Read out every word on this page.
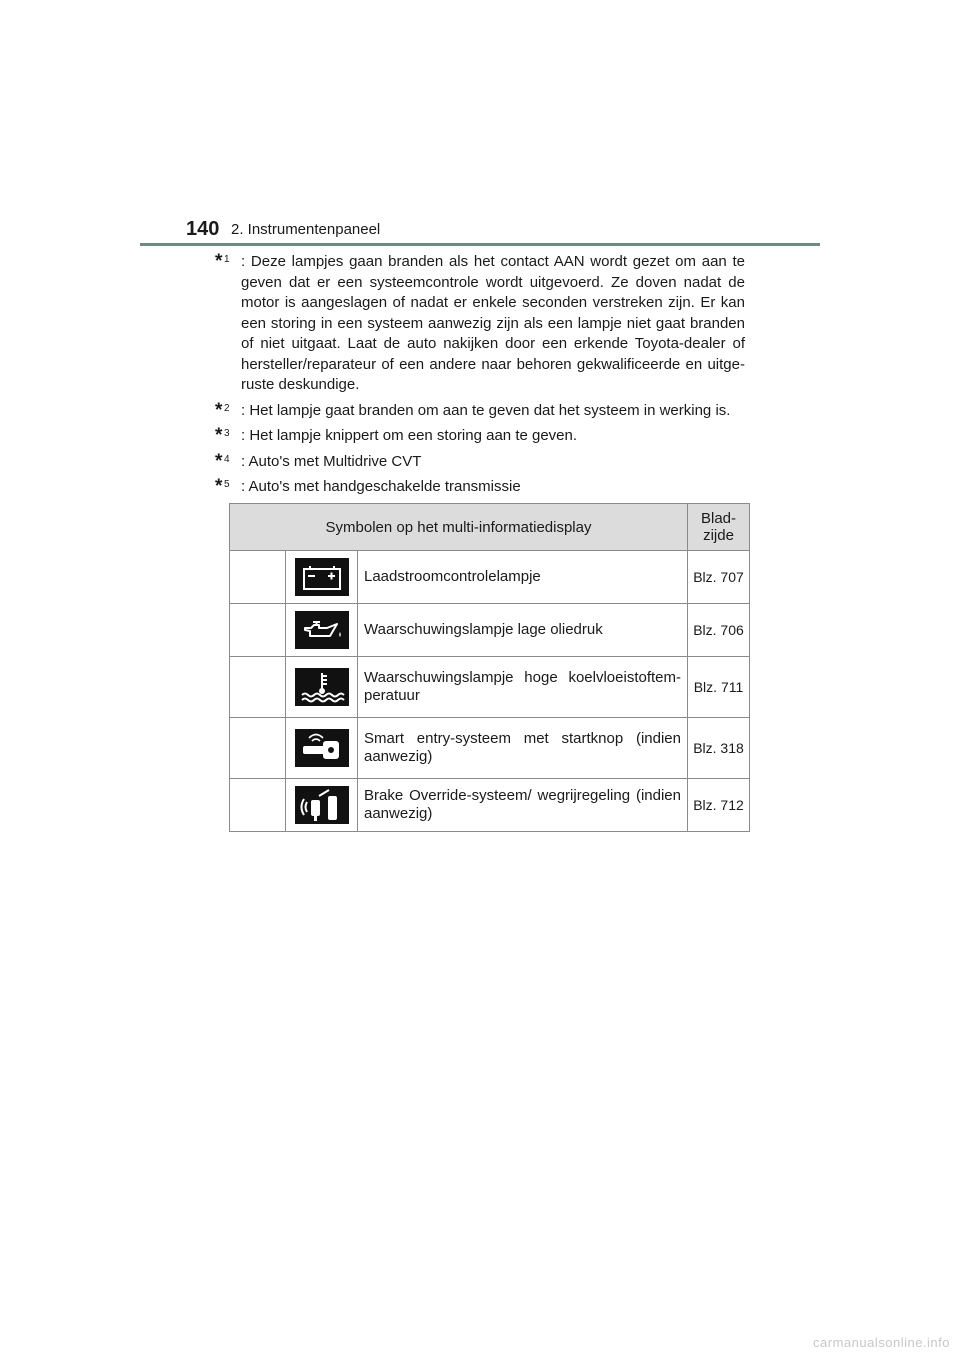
140 2. Instrumentenpaneel
* 1 : Deze lampjes gaan branden als het contact AAN wordt gezet om aan te geven dat er een systeemcontrole wordt uitgevoerd. Ze doven nadat de motor is aangeslagen of nadat er enkele seconden verstreken zijn. Er kan een storing in een systeem aanwezig zijn als een lampje niet gaat branden of niet uitgaat. Laat de auto nakijken door een erkende Toyota-dealer of hersteller/reparateur of een andere naar behoren gekwalificeerde en uitge-ruste deskundige.
* 2 : Het lampje gaat branden om aan te geven dat het systeem in werking is.
* 3 : Het lampje knippert om een storing aan te geven.
* 4 : Auto's met Multidrive CVT
* 5 : Auto's met handgeschakelde transmissie
Symbolen op het multi-informatiedisplay			Blad-
zijde

	Laadstroomcontrolelampje	Blz. 707

	Waarschuwingslampje lage oliedruk	Blz. 706

	Waarschuwingslampje hoge koelvloeistoftem-peratuur	Blz. 711

	Smart entry-systeem met startknop (indien aanwezig)	Blz. 318

	Brake Override-systeem/ wegrijregeling (indien aanwezig)	Blz. 712
carmanualsonline.info
